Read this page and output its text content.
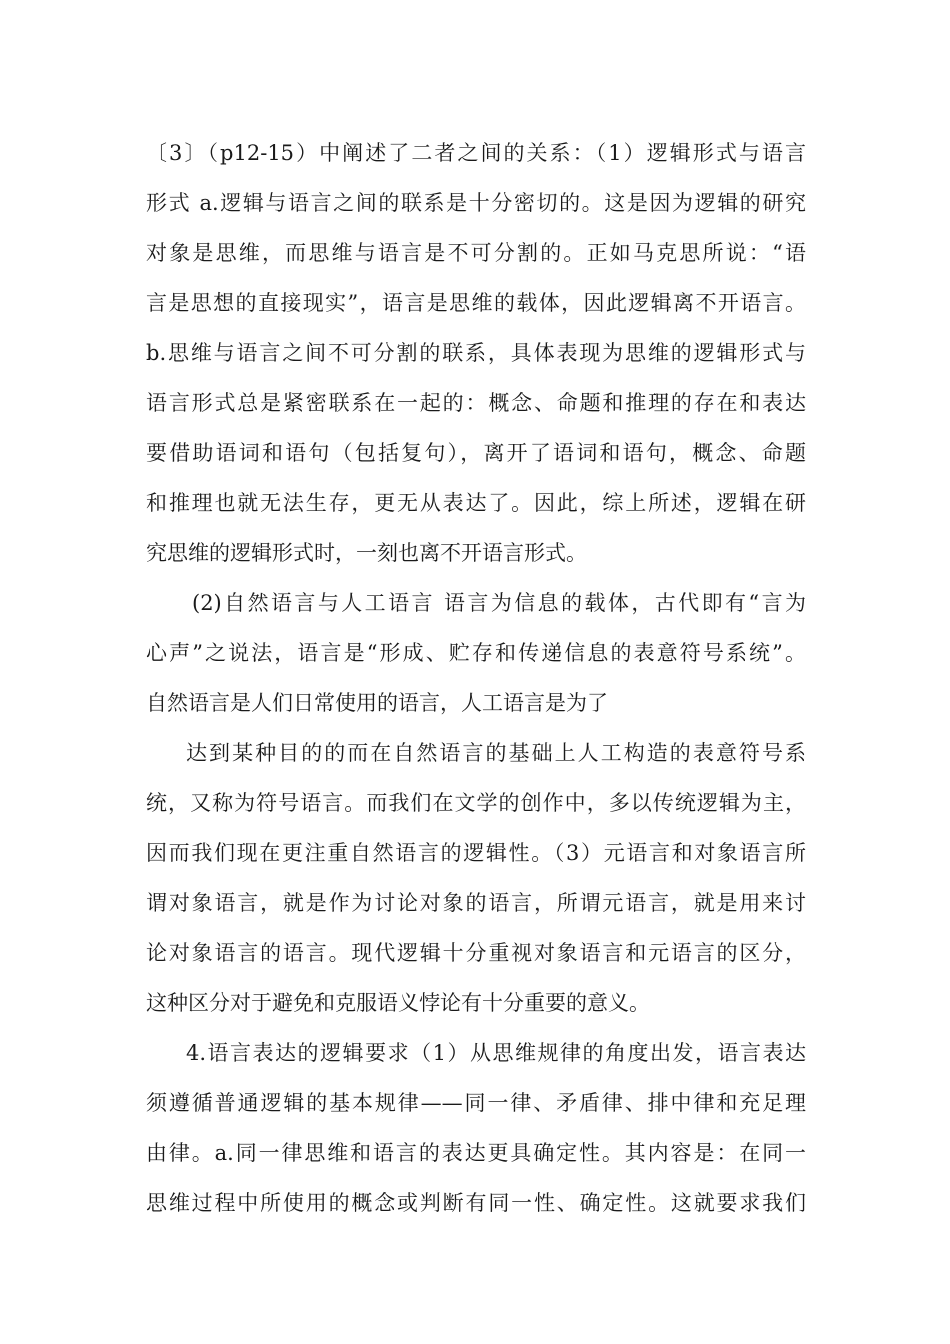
〔3〕（p12-15）中阐述了二者之间的关系：（1）逻辑形式与语言

形式 a.逻辑与语言之间的联系是十分密切的。这是因为逻辑的研究

对象是思维，而思维与语言是不可分割的。正如马克思所说：“语

言是思想的直接现实”，语言是思维的载体，因此逻辑离不开语言。

b.思维与语言之间不可分割的联系，具体表现为思维的逻辑形式与

语言形式总是紧密联系在一起的：概念、命题和推理的存在和表达

要借助语词和语句（包括复句），离开了语词和语句，概念、命题

和推理也就无法生存，更无从表达了。因此，综上所述，逻辑在研

究思维的逻辑形式时，一刻也离不开语言形式。

(2)自然语言与人工语言 语言为信息的载体，古代即有“言为

心声”之说法，语言是“形成、贮存和传递信息的表意符号系统”。

自然语言是人们日常使用的语言，人工语言是为了

达到某种目的的而在自然语言的基础上人工构造的表意符号系

统，又称为符号语言。而我们在文学的创作中，多以传统逻辑为主，

因而我们现在更注重自然语言的逻辑性。（3）元语言和对象语言所

谓对象语言，就是作为讨论对象的语言，所谓元语言，就是用来讨

论对象语言的语言。现代逻辑十分重视对象语言和元语言的区分，

这种区分对于避免和克服语义悖论有十分重要的意义。

4.语言表达的逻辑要求（1）从思维规律的角度出发，语言表达

须遵循普通逻辑的基本规律——同一律、矛盾律、排中律和充足理

由律。a.同一律思维和语言的表达更具确定性。其内容是：在同一

思维过程中所使用的概念或判断有同一性、确定性。这就要求我们
